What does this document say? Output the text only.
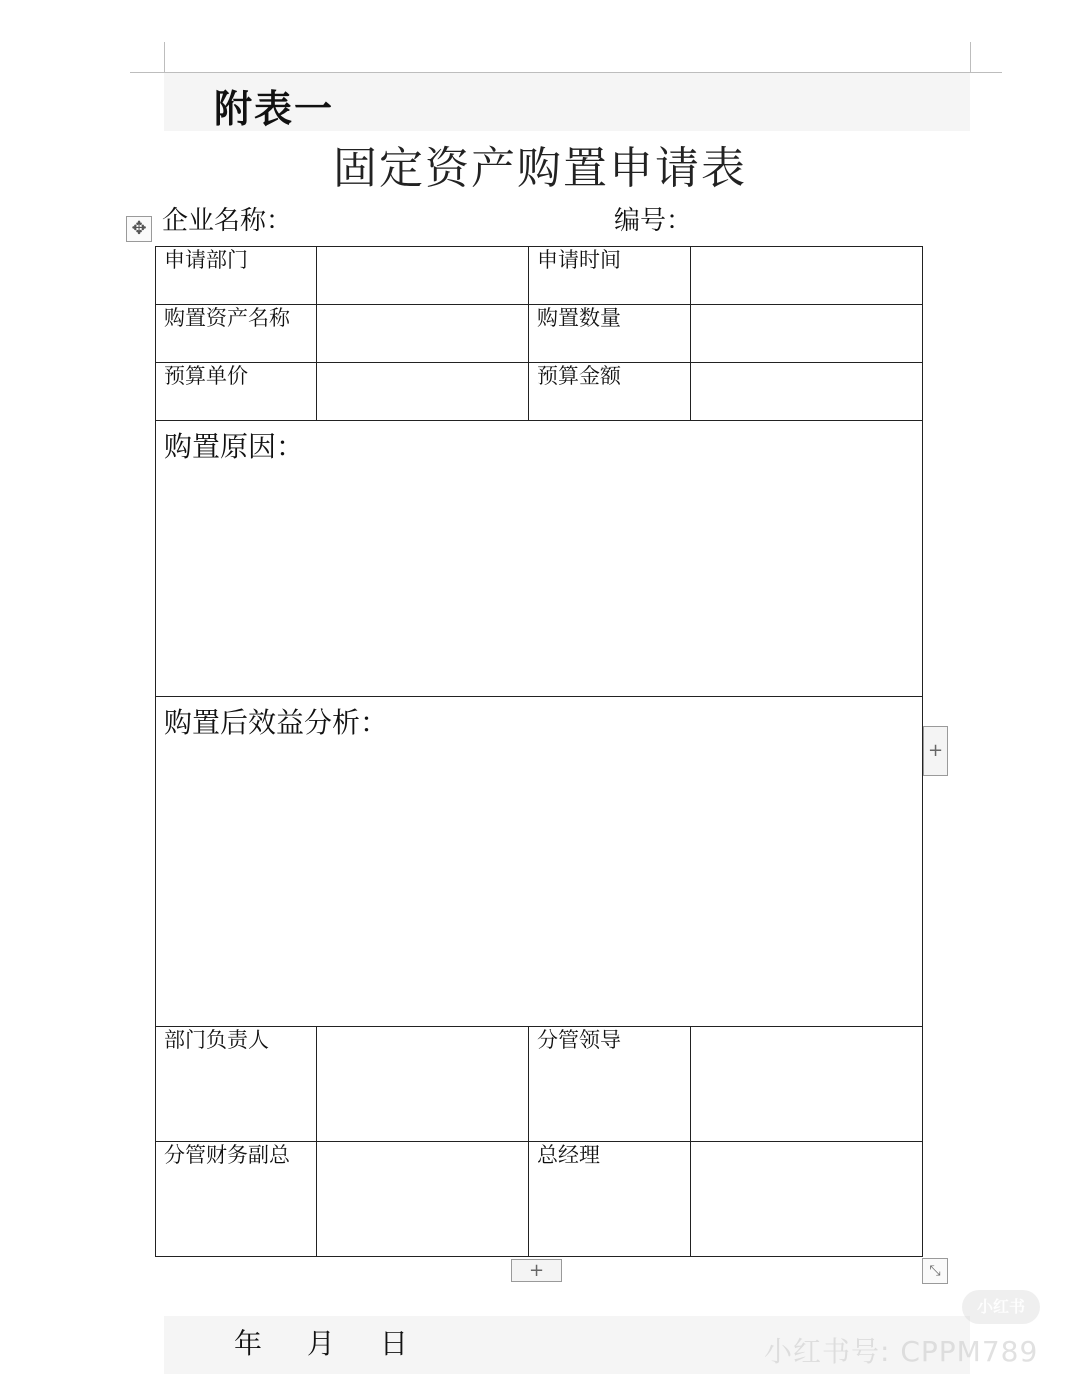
附表一
固定资产购置申请表
企业名称：	编号：
✥
申请部门		申请时间	

购置资产名称		购置数量	

预算单价		预算金额	

购置原因：			

购置后效益分析：			

部门负责人		分管领导	

分管财务副总		总经理	

+
+	⤡
年 月 日
小红书
小红书号: CPPM789
